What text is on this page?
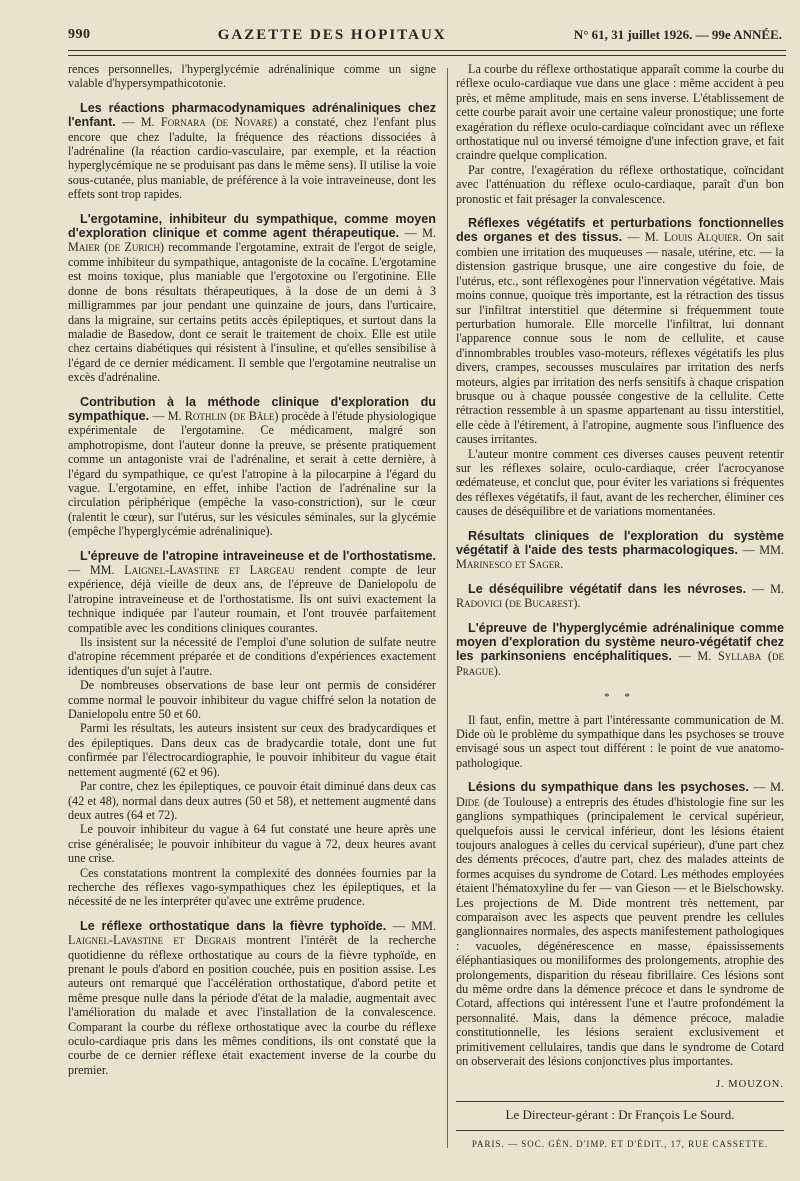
990	GAZETTE DES HOPITAUX	N° 61, 31 juillet 1926. — 99e ANNÉE.

rences personnelles, l'hyperglycémie adrénalinique comme un signe valable d'hypersympathicotonie.

Les réactions pharmacodynamiques adrénaliniques chez l'enfant. — M. Fornara (de Novare) a constaté, chez l'enfant plus encore que chez l'adulte, la fréquence des réactions dissociées à l'adrénaline (la réaction cardio-vasculaire, par exemple, et la réaction hyperglycémique ne se produisant pas dans le même sens). Il utilise la voie sous-cutanée, plus maniable, de préférence à la voie intraveineuse, dont les effets sont trop rapides.

L'ergotamine, inhibiteur du sympathique, comme moyen d'exploration clinique et comme agent thérapeutique. — M. Maier (de Zurich) recommande l'ergotamine, extrait de l'ergot de seigle, comme inhibiteur du sympathique, antagoniste de la cocaïne. L'ergotamine est moins toxique, plus maniable que l'ergotoxine ou l'ergotinine. Elle donne de bons résultats thérapeutiques, à la dose de un demi à 3 milligrammes par jour pendant une quinzaine de jours, dans l'urticaire, dans la migraine, sur certains petits accès épileptiques, et surtout dans la maladie de Basedow, dont ce serait le traitement de choix. Elle est utile chez certains diabétiques qui résistent à l'insuline, et qu'elles sensibilise à l'égard de ce dernier médicament. Il semble que l'ergotamine neutralise un excès d'adrénaline.

Contribution à la méthode clinique d'exploration du sympathique. — M. Rothlin (de Bâle) procède à l'étude physiologique expérimentale de l'ergotamine. Ce médicament, malgré son amphotropisme, dont l'auteur donne la preuve, se présente pratiquement comme un antagoniste vrai de l'adrénaline, et serait à cette dernière, à l'égard du sympathique, ce qu'est l'atropine à la pilocarpine à l'égard du vague. L'ergotamine, en effet, inhibe l'action de l'adrénaline sur la circulation périphérique (empêche la vaso-constriction), sur le cœur (ralentit le cœur), sur l'utérus, sur les vésicules séminales, sur la glycémie (empêche l'hyperglycémie adrénalinique).

L'épreuve de l'atropine intraveineuse et de l'orthostatisme. — MM. Laignel-Lavastine et Largeau rendent compte de leur expérience, déjà vieille de deux ans, de l'épreuve de Danielopolu de l'atropine intraveineuse et de l'orthostatisme. Ils ont suivi exactement la technique indiquée par l'auteur roumain, et l'ont trouvée parfaitement compatible avec les conditions cliniques courantes.

Ils insistent sur la nécessité de l'emploi d'une solution de sulfate neutre d'atropine récemment préparée et de conditions d'expériences exactement identiques d'un sujet à l'autre.

De nombreuses observations de base leur ont permis de considérer comme normal le pouvoir inhibiteur du vague chiffré selon la notation de Danielopolu entre 50 et 60.

Parmi les résultats, les auteurs insistent sur ceux des bradycardiques et des épileptiques. Dans deux cas de bradycardie totale, dont une fut confirmée par l'électrocardiographie, le pouvoir inhibiteur du vague était nettement augmenté (62 et 96).

Par contre, chez les épileptiques, ce pouvoir était diminué dans deux cas (42 et 48), normal dans deux autres (50 et 58), et nettement augmenté dans deux autres (64 et 72).

Le pouvoir inhibiteur du vague à 64 fut constaté une heure après une crise généralisée; le pouvoir inhibiteur du vague à 72, deux heures avant une crise.

Ces constatations montrent la complexité des données fournies par la recherche des réflexes vago-sympathiques chez les épileptiques, et la nécessité de ne les interpréter qu'avec une extrême prudence.

Le réflexe orthostatique dans la fièvre typhoïde. — MM. Laignel-Lavastine et Degrais montrent l'intérêt de la recherche quotidienne du réflexe orthostatique au cours de la fièvre typhoïde, en prenant le pouls d'abord en position couchée, puis en position assise. Les auteurs ont remarqué que l'accélération orthostatique, d'abord petite et même presque nulle dans la période d'état de la maladie, augmentait avec l'amélioration du malade et avec l'installation de la convalescence. Comparant la courbe du réflexe orthostatique avec la courbe du réflexe oculo-cardiaque pris dans les mêmes conditions, ils ont constaté que la courbe de ce dernier réflexe était exactement inverse de la courbe du premier.

La courbe du réflexe orthostatique apparaît comme la courbe du réflexe oculo-cardiaque vue dans une glace : même accident à peu près, et même amplitude, mais en sens inverse. L'établissement de cette courbe parait avoir une certaine valeur pronostique; une forte exagération du réflexe oculo-cardiaque coïncidant avec un réflexe orthostatique nul ou inversé témoigne d'une infection grave, et fait craindre quelque complication.

Par contre, l'exagération du réflexe orthostatique, coïncidant avec l'atténuation du réflexe oculo-cardiaque, paraît d'un bon pronostic et fait présager la convalescence.

Réflexes végétatifs et perturbations fonctionnelles des organes et des tissus. — M. Louis Alquier. On sait combien une irritation des muqueuses — nasale, utérine, etc. — la distension gastrique brusque, une aire congestive du foie, de l'utérus, etc., sont réflexogènes pour l'innervation végétative. Mais moins connue, quoique très importante, est la rétraction des tissus sur l'infiltrat interstitiel que détermine si fréquemment toute perturbation humorale. Elle morcelle l'infiltrat, lui donnant l'apparence connue sous le nom de cellulite, et cause d'innombrables troubles vaso-moteurs, réflexes végétatifs les plus divers, crampes, secousses musculaires par irritation des nerfs moteurs, algies par irritation des nerfs sensitifs à chaque crispation brusque ou à chaque poussée congestive de la cellulite. Cette rétraction ressemble à un spasme appartenant au tissu interstitiel, elle cède à l'étirement, à l'atropine, augmente sous l'influence des causes irritantes.

L'auteur montre comment ces diverses causes peuvent retentir sur les réflexes solaire, oculo-cardiaque, créer l'acrocyanose œdémateuse, et conclut que, pour éviter les variations si fréquentes des réflexes végétatifs, il faut, avant de les rechercher, éliminer ces causes de déséquilibre et de variations momentanées.

Résultats cliniques de l'exploration du système végétatif à l'aide des tests pharmacologiques. — MM. Marinesco et Sager.

Le déséquilibre végétatif dans les névroses. — M. Radovici (de Bucarest).

L'épreuve de l'hyperglycémie adrénalinique comme moyen d'exploration du système neuro-végétatif chez les parkinsoniens encéphalitiques. — M. Syllaba (de Prague).

* *

Il faut, enfin, mettre à part l'intéressante communication de M. Dide où le problème du sympathique dans les psychoses se trouve envisagé sous un aspect tout différent : le point de vue anatomo-pathologique.

Lésions du sympathique dans les psychoses. — M. Dide (de Toulouse) a entrepris des études d'histologie fine sur les ganglions sympathiques (principalement le cervical supérieur, quelquefois aussi le cervical inférieur, dont les lésions étaient toujours analogues à celles du cervical supérieur), d'une part chez des déments précoces, d'autre part, chez des malades atteints de formes acquises du syndrome de Cotard. Les méthodes employées étaient l'hématoxyline du fer — van Gieson — et le Bielschowsky. Les projections de M. Dide montrent très nettement, par comparaison avec les aspects que peuvent prendre les cellules ganglionnaires normales, des aspects manifestement pathologiques : vacuoles, dégénérescence en masse, épaississements éléphantiasiques ou moniliformes des prolongements, atrophie des prolongements, disparition du réseau fibrillaire. Ces lésions sont du même ordre dans la démence précoce et dans le syndrome de Cotard, affections qui intéressent l'une et l'autre profondément la personnalité. Mais, dans la démence précoce, maladie constitutionnelle, les lésions seraient exclusivement et primitivement cellulaires, tandis que dans le syndrome de Cotard on observerait des lésions conjonctives plus importantes.

J. MOUZON.
Le Directeur-gérant : Dr François Le Sourd.
PARIS. — SOC. GÉN. D'IMP. ET D'ÉDIT., 17, RUE CASSETTE.
